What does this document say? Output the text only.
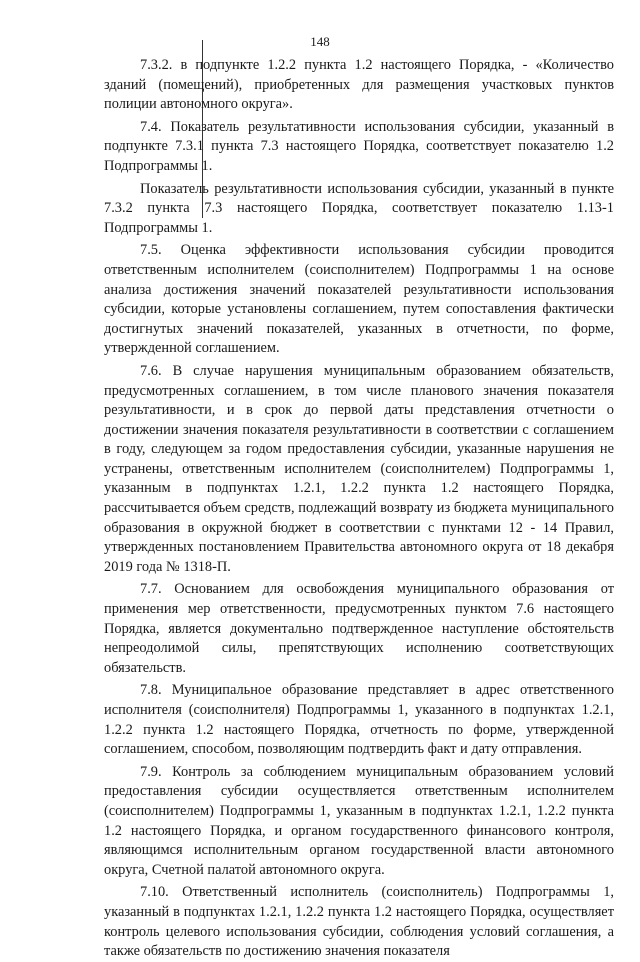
148

7.3.2. в подпункте 1.2.2 пункта 1.2 настоящего Порядка, - «Количество зданий (помещений), приобретенных для размещения участковых пунктов полиции автономного округа».

7.4. Показатель результативности использования субсидии, указанный в подпункте 7.3.1 пункта 7.3 настоящего Порядка, соответствует показателю 1.2 Подпрограммы 1.

Показатель результативности использования субсидии, указанный в пункте 7.3.2 пункта 7.3 настоящего Порядка, соответствует показателю 1.13-1 Подпрограммы 1.

7.5. Оценка эффективности использования субсидии проводится ответственным исполнителем (соисполнителем) Подпрограммы 1 на основе анализа достижения значений показателей результативности использования субсидии, которые установлены соглашением, путем сопоставления фактически достигнутых значений показателей, указанных в отчетности, по форме, утвержденной соглашением.

7.6. В случае нарушения муниципальным образованием обязательств, предусмотренных соглашением, в том числе планового значения показателя результативности, и в срок до первой даты представления отчетности о достижении значения показателя результативности в соответствии с соглашением в году, следующем за годом предоставления субсидии, указанные нарушения не устранены, ответственным исполнителем (соисполнителем) Подпрограммы 1, указанным в подпунктах 1.2.1, 1.2.2 пункта 1.2 настоящего Порядка, рассчитывается объем средств, подлежащий возврату из бюджета муниципального образования в окружной бюджет в соответствии с пунктами 12 - 14 Правил, утвержденных постановлением Правительства автономного округа от 18 декабря 2019 года № 1318-П.

7.7. Основанием для освобождения муниципального образования от применения мер ответственности, предусмотренных пунктом 7.6 настоящего Порядка, является документально подтвержденное наступление обстоятельств непреодолимой силы, препятствующих исполнению соответствующих обязательств.

7.8. Муниципальное образование представляет в адрес ответственного исполнителя (соисполнителя) Подпрограммы 1, указанного в подпунктах 1.2.1, 1.2.2 пункта 1.2 настоящего Порядка, отчетность по форме, утвержденной соглашением, способом, позволяющим подтвердить факт и дату отправления.

7.9. Контроль за соблюдением муниципальным образованием условий предоставления субсидии осуществляется ответственным исполнителем (соисполнителем) Подпрограммы 1, указанным в подпунктах 1.2.1, 1.2.2 пункта 1.2 настоящего Порядка, и органом государственного финансового контроля, являющимся исполнительным органом государственной власти автономного округа, Счетной палатой автономного округа.

7.10. Ответственный исполнитель (соисполнитель) Подпрограммы 1, указанный в подпунктах 1.2.1, 1.2.2 пункта 1.2 настоящего Порядка, осуществляет контроль целевого использования субсидии, соблюдения условий соглашения, а также обязательств по достижению значения показателя
